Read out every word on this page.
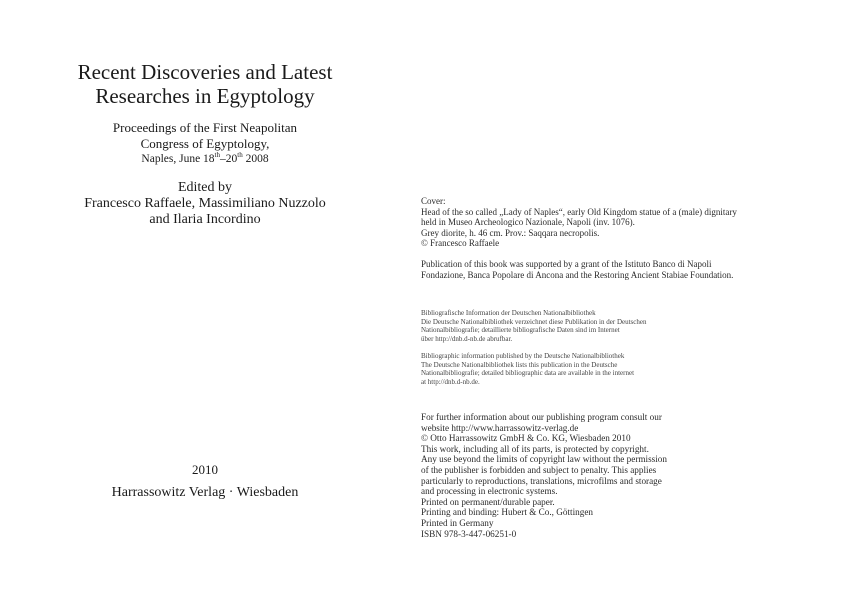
Recent Discoveries and Latest
Researches in Egyptology
Proceedings of the First Neapolitan
Congress of Egyptology,
Naples, June 18th–20th 2008
Edited by
Francesco Raffaele, Massimiliano Nuzzolo
and Ilaria Incordino
2010
Harrassowitz Verlag · Wiesbaden
Cover:
Head of the so called „Lady of Naples“, early Old Kingdom statue of a (male) dignitary
held in Museo Archeologico Nazionale, Napoli (inv. 1076).
Grey diorite, h. 46 cm. Prov.: Saqqara necropolis.
© Francesco Raffaele
Publication of this book was supported by a grant of the Istituto Banco di Napoli
Fondazione, Banca Popolare di Ancona and the Restoring Ancient Stabiae Foundation.
Bibliografische Information der Deutschen Nationalbibliothek
Die Deutsche Nationalbibliothek verzeichnet diese Publikation in der Deutschen
Nationalbibliografie; detaillierte bibliografische Daten sind im Internet
über http://dnb.d-nb.de abrufbar.
Bibliographic information published by the Deutsche Nationalbibliothek
The Deutsche Nationalbibliothek lists this publication in the Deutsche
Nationalbibliografie; detailed bibliographic data are available in the internet
at http://dnb.d-nb.de.
For further information about our publishing program consult our
website http://www.harrassowitz-verlag.de
© Otto Harrassowitz GmbH & Co. KG, Wiesbaden 2010
This work, including all of its parts, is protected by copyright.
Any use beyond the limits of copyright law without the permission
of the publisher is forbidden and subject to penalty. This applies
particularly to reproductions, translations, microfilms and storage
and processing in electronic systems.
Printed on permanent/durable paper.
Printing and binding: Hubert & Co., Göttingen
Printed in Germany
ISBN 978-3-447-06251-0
